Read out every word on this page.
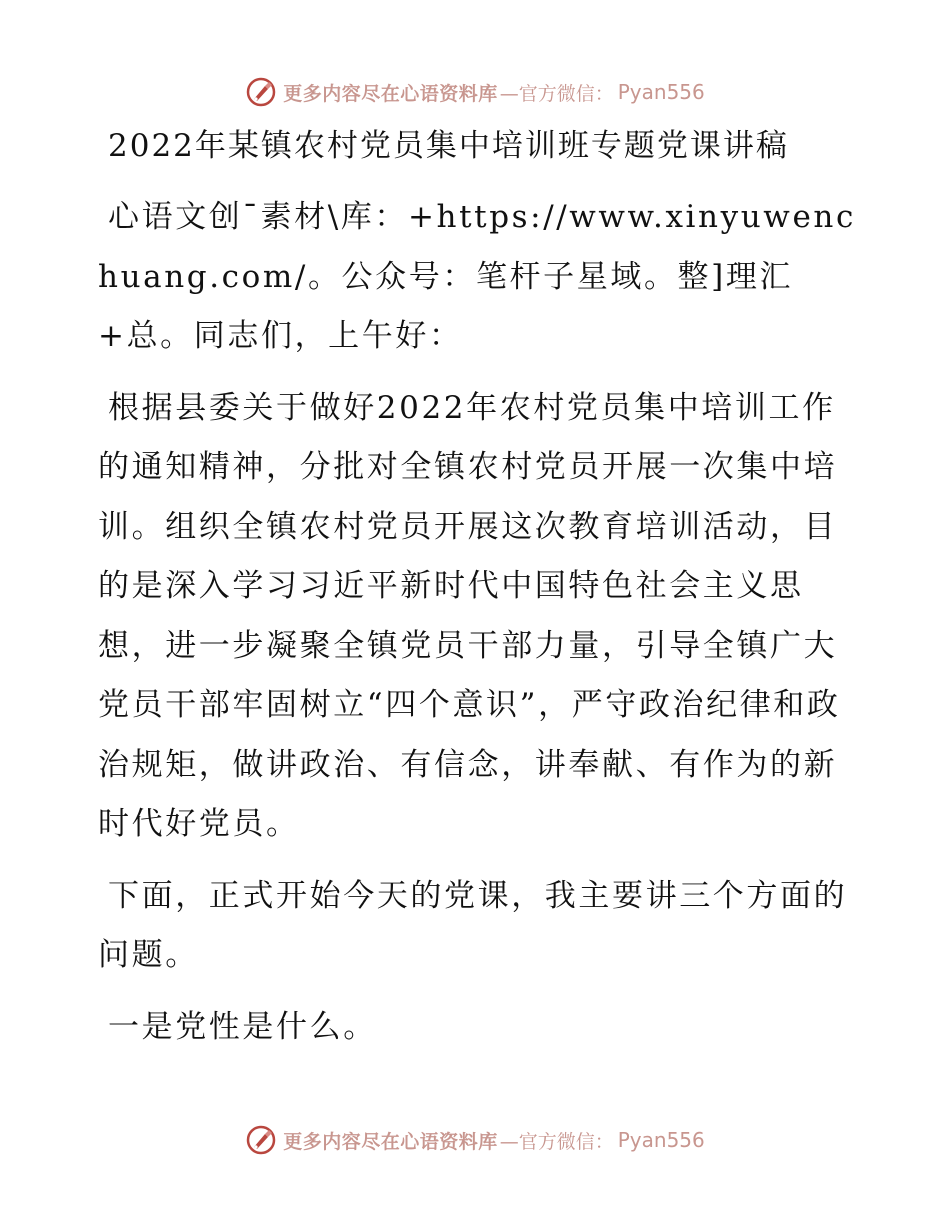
更多内容尽在心语资料库 —官方微信： Pyan556
2022年某镇农村党员集中培训班专题党课讲稿

心语文创¯素材\库：+https://www.xinyuwenchuang.com/。公众号：笔杆子星域。整]理汇+总。同志们，上午好：

根据县委关于做好2022年农村党员集中培训工作的通知精神，分批对全镇农村党员开展一次集中培训。组织全镇农村党员开展这次教育培训活动，目的是深入学习习近平新时代中国特色社会主义思想，进一步凝聚全镇党员干部力量，引导全镇广大党员干部牢固树立“四个意识”，严守政治纪律和政治规矩，做讲政治、有信念，讲奉献、有作为的新时代好党员。

下面，正式开始今天的党课，我主要讲三个方面的问题。

一是党性是什么。

更多内容尽在心语资料库 —官方微信： Pyan556
